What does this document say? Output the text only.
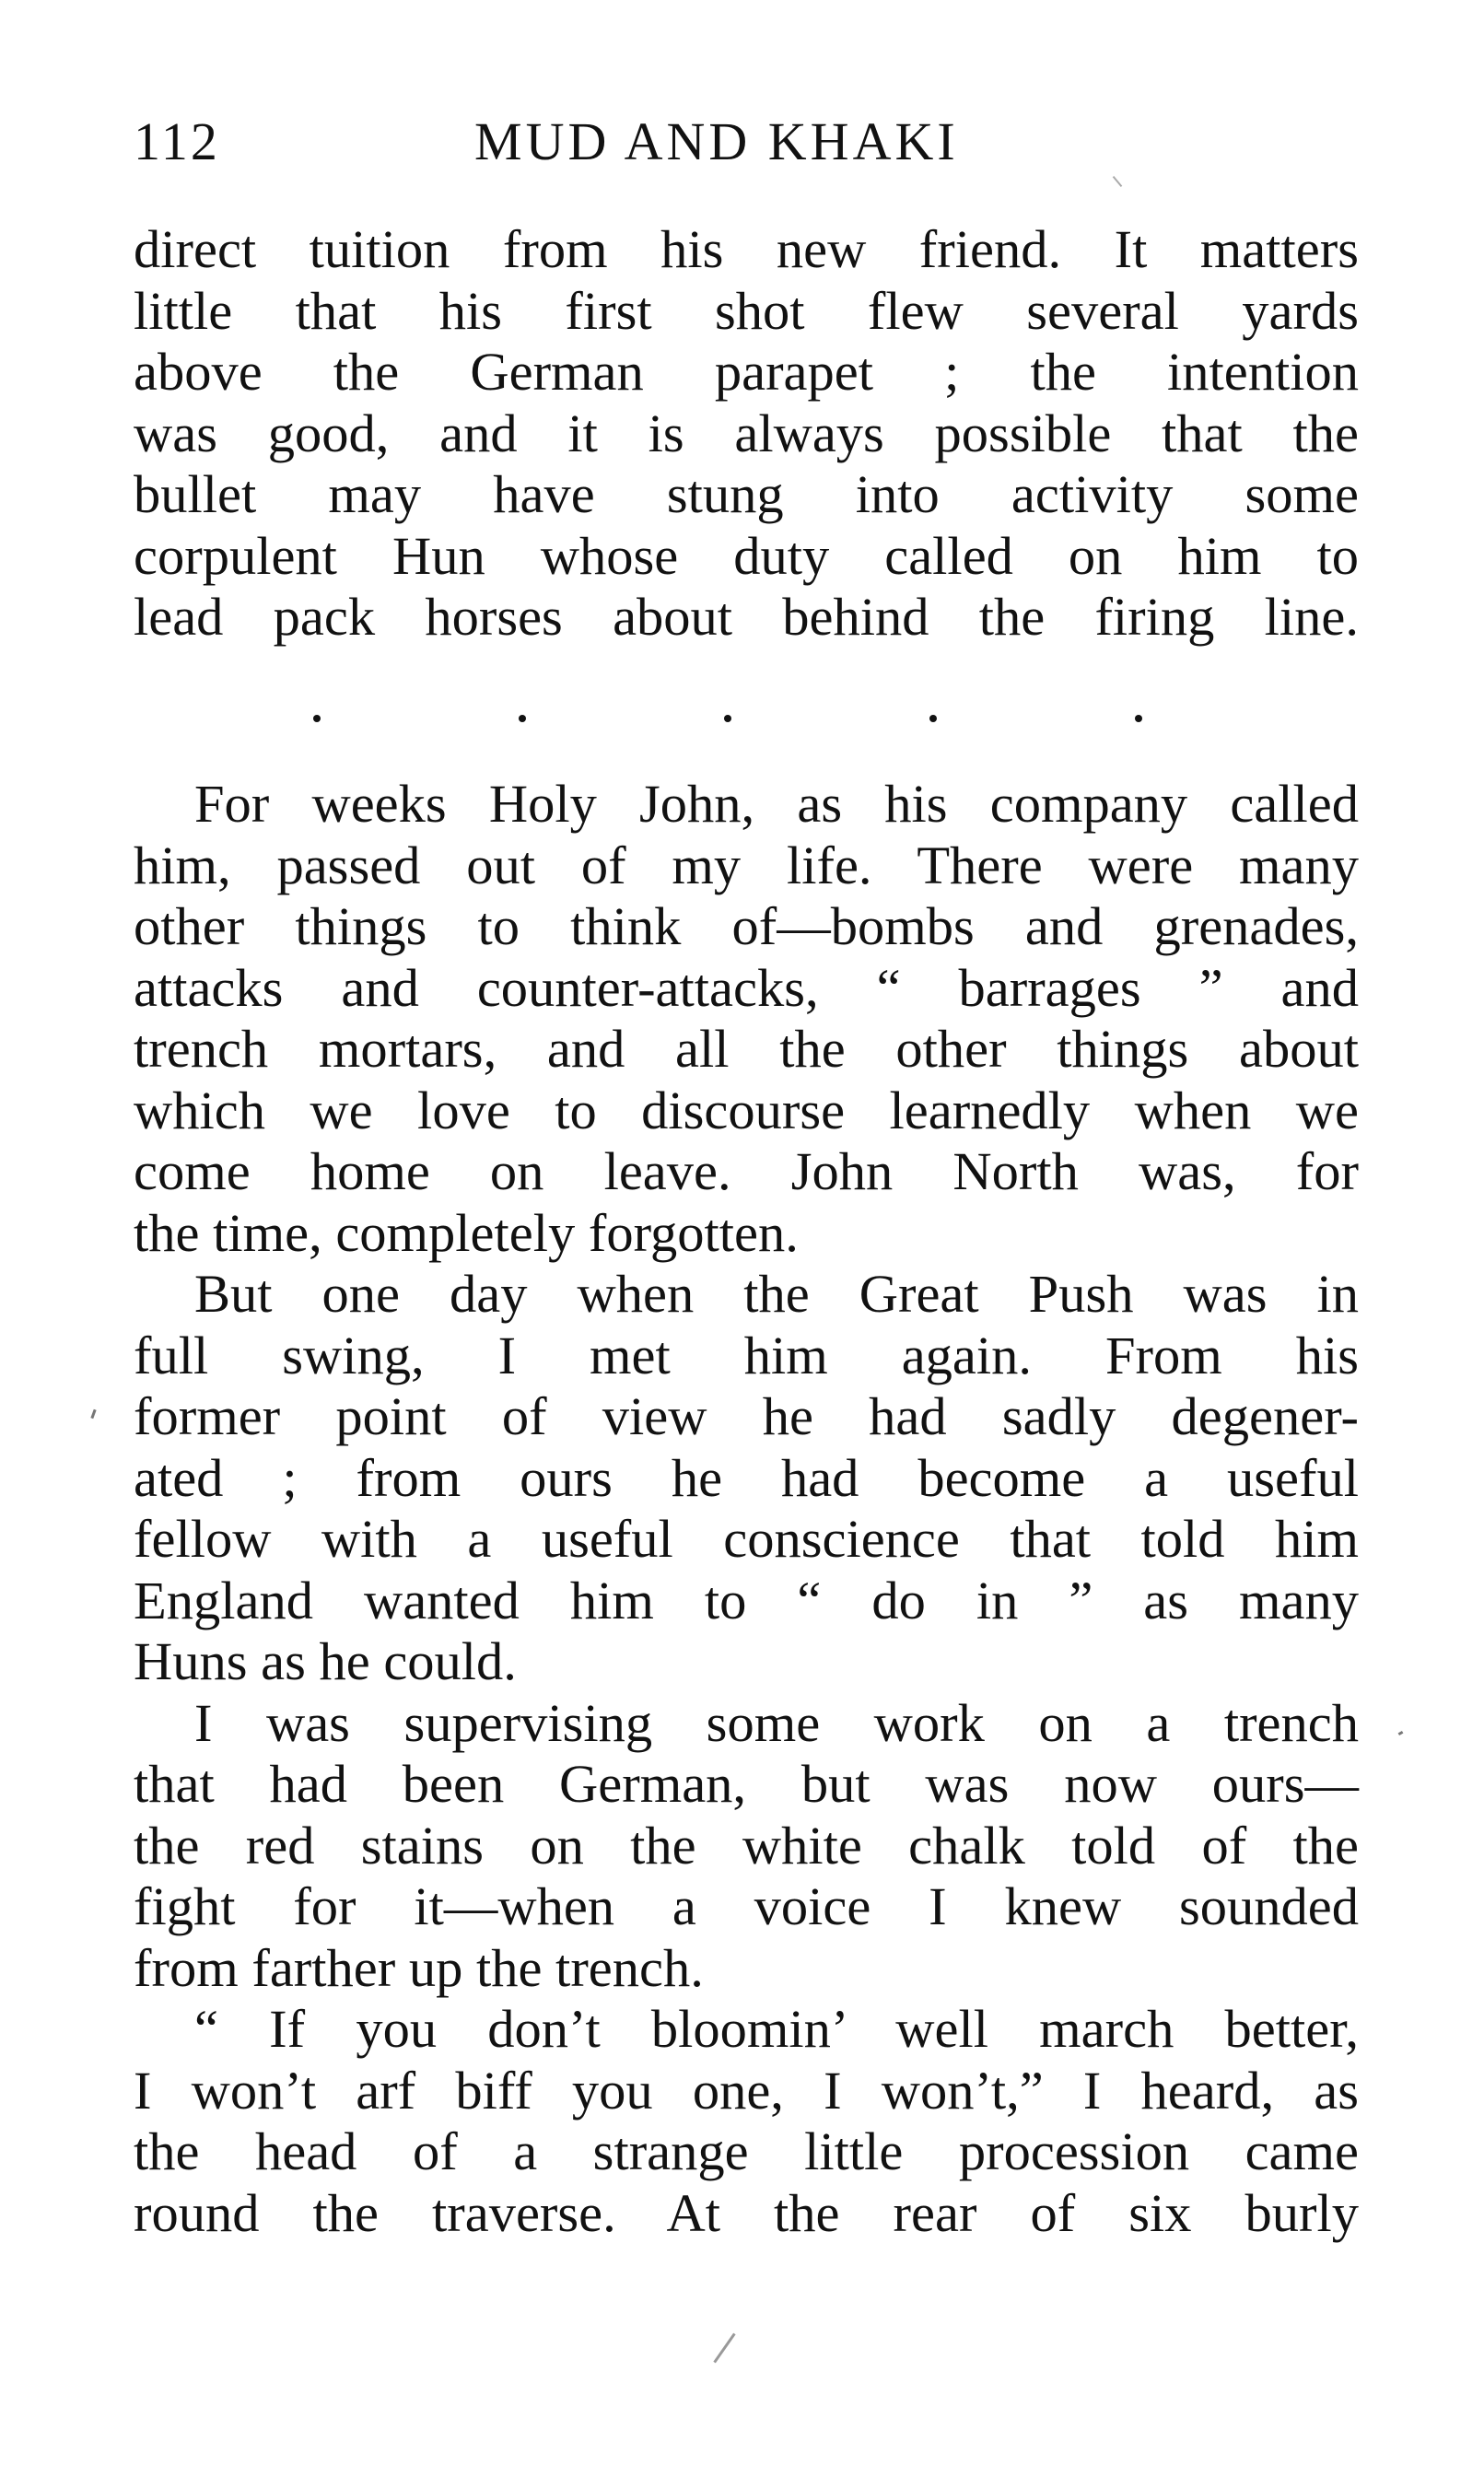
112	MUD AND KHAKI
direct tuition from his new friend. It matters
little that his first shot flew several yards
above the German parapet ; the intention
was good, and it is always possible that the
bullet may have stung into activity some
corpulent Hun whose duty called on him to
lead pack horses about behind the firing line.
For weeks Holy John, as his company called
him, passed out of my life. There were many
other things to think of—bombs and grenades,
attacks and counter-attacks, “ barrages ” and
trench mortars, and all the other things about
which we love to discourse learnedly when we
come home on leave. John North was, for
the time, completely forgotten.
But one day when the Great Push was in
full swing, I met him again. From his
former point of view he had sadly degener-
ated ; from ours he had become a useful
fellow with a useful conscience that told him
England wanted him to “ do in ” as many
Huns as he could.
I was supervising some work on a trench
that had been German, but was now ours—
the red stains on the white chalk told of the
fight for it—when a voice I knew sounded
from farther up the trench.
“ If you don’t bloomin’ well march better,
I won’t arf biff you one, I won’t,” I heard, as
the head of a strange little procession came
round the traverse. At the rear of six burly
